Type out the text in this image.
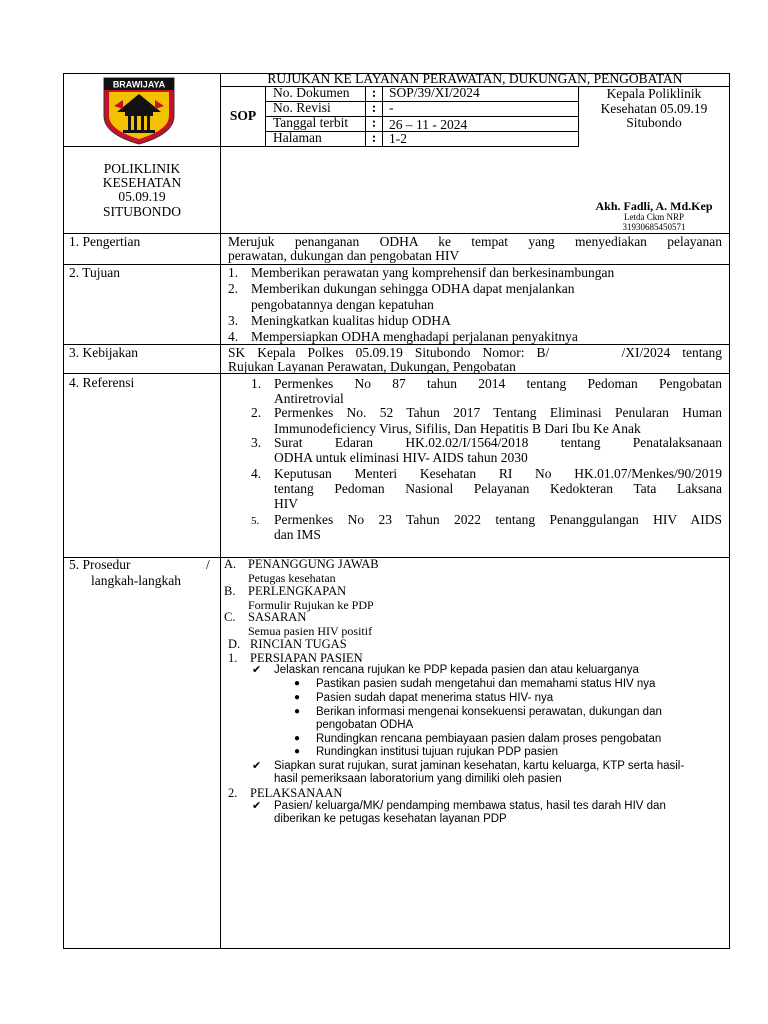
BRAWIJAYA	RUJUKAN KE LAYANAN PERAWATAN, DUKUNGAN, PENGOBATAN
SOP
No. Dokumen	: SOP/39/XI/2024
No. Revisi	: -
Tanggal terbit	: 26 – 11 - 2024
Halaman	: 1-2
Kepala Poliklinik
Kesehatan 05.09.19
Situbondo
Akh. Fadli, A. Md.Kep
Letda Ckm NRP
31930685450571
POLIKLINIK
KESEHATAN
05.09.19
SITUBONDO
1. Pengertian	Merujuk penanganan ODHA ke tempat yang menyediakan pelayanan
perawatan, dukungan dan pengobatan HIV
2. Tujuan	1. Memberikan perawatan yang komprehensif dan berkesinambungan
2. Memberikan dukungan sehingga ODHA dapat menjalankan
pengobatannya dengan kepatuhan
3. Meningkatkan kualitas hidup ODHA
4. Mempersiapkan ODHA menghadapi perjalanan penyakitnya
3. Kebijakan	SK Kepala Polkes 05.09.19 Situbondo Nomor: B/      /XI/2024 tentang
Rujukan Layanan Perawatan, Dukungan, Pengobatan
4. Referensi	1. Permenkes No 87 tahun 2014 tentang Pedoman Pengobatan
Antiretrovial
2. Permenkes No. 52 Tahun 2017 Tentang Eliminasi Penularan Human
Immunodeficiency Virus, Sifilis, Dan Hepatitis B Dari Ibu Ke Anak
3. Surat Edaran HK.02.02/I/1564/2018 tentang Penatalaksanaan
ODHA untuk eliminasi HIV- AIDS tahun 2030
4. Keputusan Menteri Kesehatan RI No HK.01.07/Menkes/90/2019
tentang Pedoman Nasional Pelayanan Kedokteran Tata Laksana
HIV
5. Permenkes No 23 Tahun 2022 tentang Penanggulangan HIV AIDS
dan IMS
5. Prosedur	/
langkah-langkah
A. PENANGGUNG JAWAB
Petugas kesehatan
B. PERLENGKAPAN
Formulir Rujukan ke PDP
C. SASARAN
Semua pasien HIV positif
D. RINCIAN TUGAS
1. PERSIAPAN PASIEN
✔ Jelaskan rencana rujukan ke PDP kepada pasien dan atau keluarganya
● Pastikan pasien sudah mengetahui dan memahami status HIV nya
● Pasien sudah dapat menerima status HIV- nya
● Berikan informasi mengenai konsekuensi perawatan, dukungan dan
pengobatan ODHA
● Rundingkan rencana pembiayaan pasien dalam proses pengobatan
● Rundingkan institusi tujuan rujukan PDP pasien
✔ Siapkan surat rujukan, surat jaminan kesehatan, kartu keluarga, KTP serta hasil-
hasil pemeriksaan laboratorium yang dimiliki oleh pasien
2. PELAKSANAAN
✔ Pasien/ keluarga/MK/ pendamping membawa status, hasil tes darah HIV dan
diberikan ke petugas kesehatan layanan PDP
